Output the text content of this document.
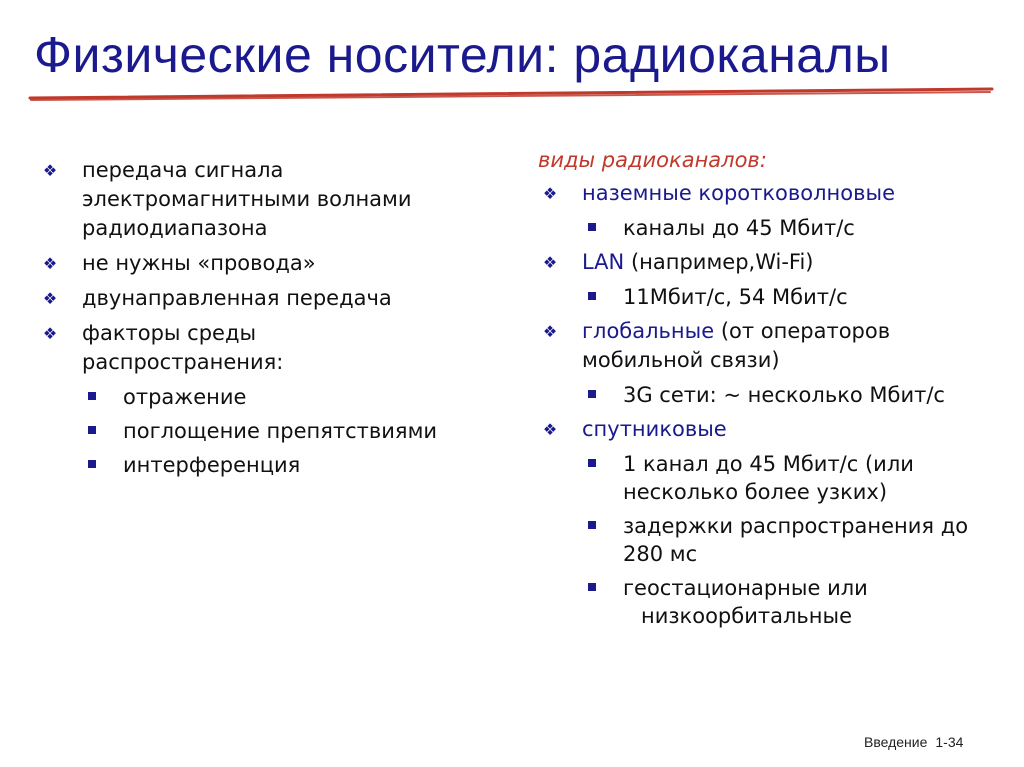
Физические носители: радиоканалы
❖ передача сигнала электромагнитными волнами радиодиапазона
❖ не нужны «провода»
❖ двунаправленная передача
❖ факторы среды распространения:
отражение
поглощение препятствиями
интерференция
виды радиоканалов:
❖ наземные коротковолновые
каналы до 45 Мбит/с
❖ LAN (например,Wi-Fi)
11Мбит/с, 54 Мбит/с
❖ глобальные (от операторов мобильной связи)
3G сети: ~ несколько Мбит/с
❖ спутниковые
1 канал до 45 Мбит/с (или несколько более узких)
задержки распространения до 280 мс
геостационарные или
низкоорбитальные
Введение 1-34
